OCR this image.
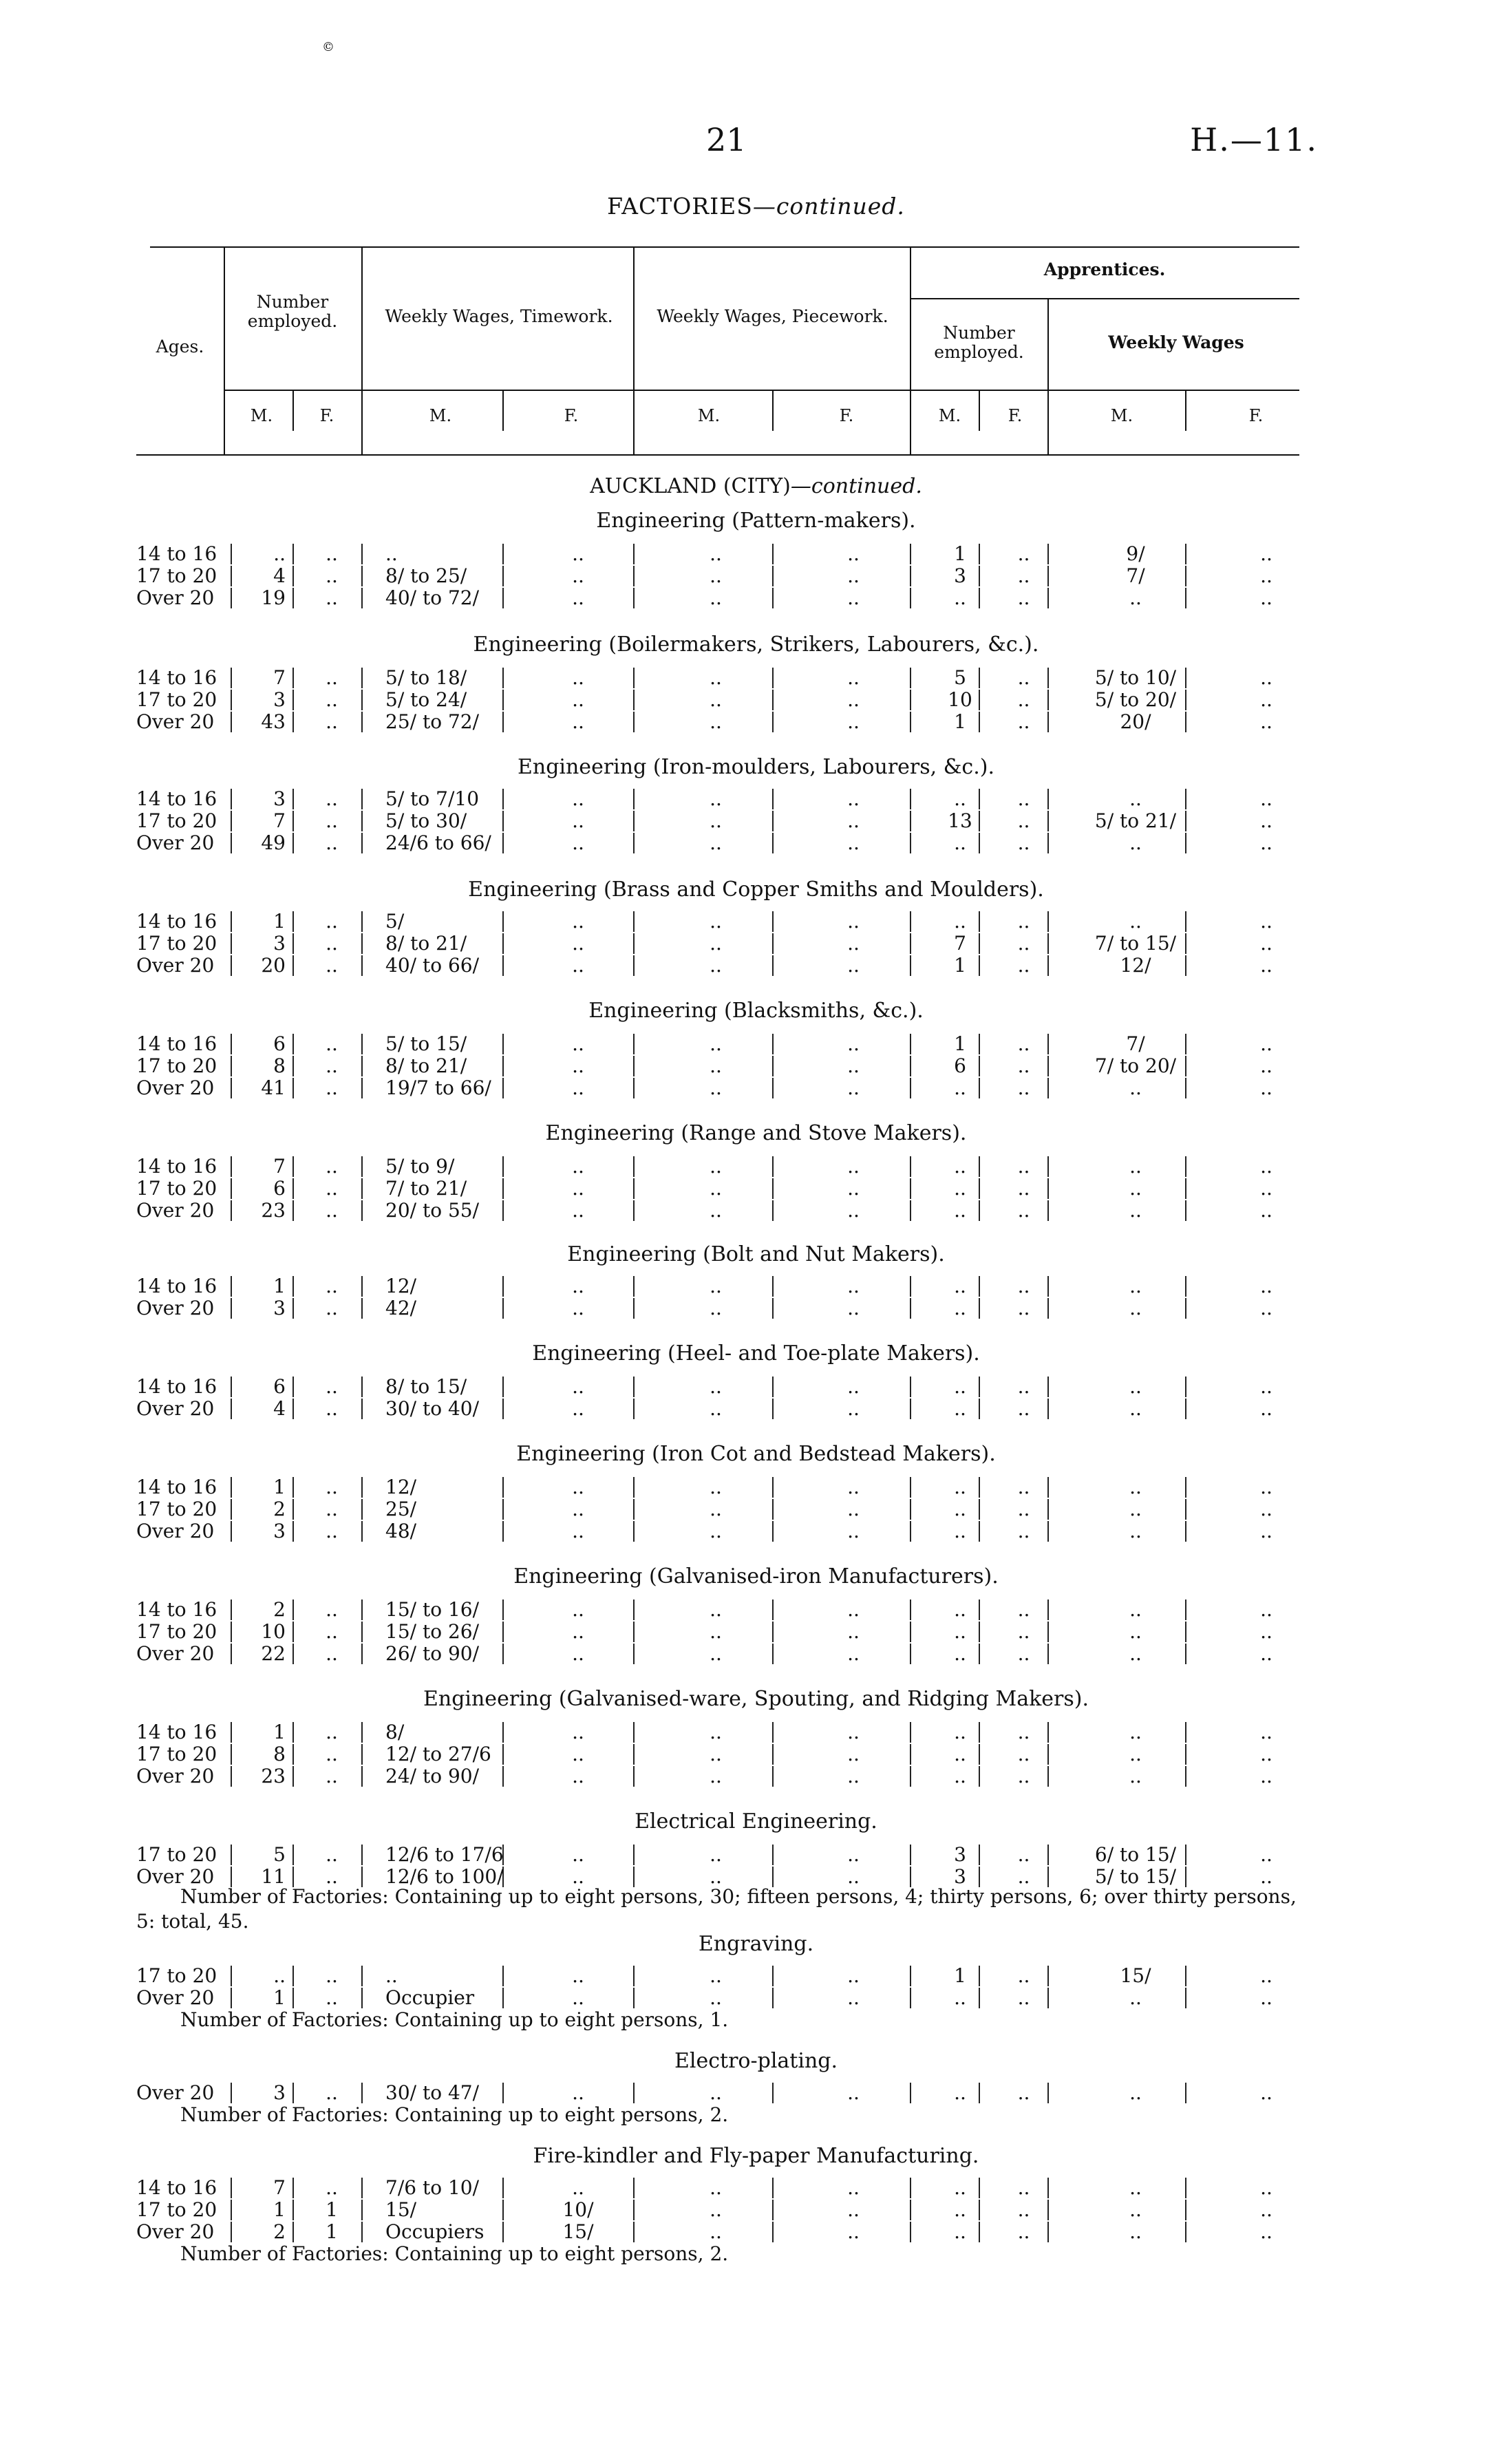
©
21	H.—11.
FACTORIES—continued.
Ages.
Number employed.	Weekly Wages, Timework.	Weekly Wages, Piecework.
Apprentices.
Number employed.	Weekly Wages
M.	F.	M.	F.	M.	F.	M.	F.	M.	F.
AUCKLAND (CITY)—continued.
Engineering (Pattern-makers).
14 to 16	..	..	..	..	..	..	1	..	9/	..
17 to 20	4	..	8/ to 25/	..	..	..	3	..	7/	..
Over 20	19	..	40/ to 72/	..	..	..	..	..	..	..
Engineering (Boilermakers, Strikers, Labourers, &c.).
14 to 16	7	..	5/ to 18/	..	..	..	5	..	5/ to 10/	..
17 to 20	3	..	5/ to 24/	..	..	..	10	..	5/ to 20/	..
Over 20	43	..	25/ to 72/	..	..	..	1	..	20/	..
Engineering (Iron-moulders, Labourers, &c.).
14 to 16	3	..	5/ to 7/10	..	..	..	..	..	..	..
17 to 20	7	..	5/ to 30/	..	..	..	13	..	5/ to 21/	..
Over 20	49	..	24/6 to 66/	..	..	..	..	..	..	..
Engineering (Brass and Copper Smiths and Moulders).
14 to 16	1	..	5/	..	..	..	..	..	..	..
17 to 20	3	..	8/ to 21/	..	..	..	7	..	7/ to 15/	..
Over 20	20	..	40/ to 66/	..	..	..	1	..	12/	..
Engineering (Blacksmiths, &c.).
14 to 16	6	..	5/ to 15/	..	..	..	1	..	7/	..
17 to 20	8	..	8/ to 21/	..	..	..	6	..	7/ to 20/	..
Over 20	41	..	19/7 to 66/	..	..	..	..	..	..	..
Engineering (Range and Stove Makers).
14 to 16	7	..	5/ to 9/	..	..	..	..	..	..	..
17 to 20	6	..	7/ to 21/	..	..	..	..	..	..	..
Over 20	23	..	20/ to 55/	..	..	..	..	..	..	..
Engineering (Bolt and Nut Makers).
14 to 16	1	..	12/	..	..	..	..	..	..	..
Over 20	3	..	42/	..	..	..	..	..	..	..
Engineering (Heel- and Toe-plate Makers).
14 to 16	6	..	8/ to 15/	..	..	..	..	..	..	..
Over 20	4	..	30/ to 40/	..	..	..	..	..	..	..
Engineering (Iron Cot and Bedstead Makers).
14 to 16	1	..	12/	..	..	..	..	..	..	..
17 to 20	2	..	25/	..	..	..	..	..	..	..
Over 20	3	..	48/	..	..	..	..	..	..	..
Engineering (Galvanised-iron Manufacturers).
14 to 16	2	..	15/ to 16/	..	..	..	..	..	..	..
17 to 20	10	..	15/ to 26/	..	..	..	..	..	..	..
Over 20	22	..	26/ to 90/	..	..	..	..	..	..	..
Engineering (Galvanised-ware, Spouting, and Ridging Makers).
14 to 16	1	..	8/	..	..	..	..	..	..	..
17 to 20	8	..	12/ to 27/6	..	..	..	..	..	..	..
Over 20	23	..	24/ to 90/	..	..	..	..	..	..	..
Electrical Engineering.
17 to 20	5	..	12/6 to 17/6	..	..	..	3	..	6/ to 15/	..
Over 20	11	..	12/6 to 100/	..	..	..	3	..	5/ to 15/	..
Number of Factories: Containing up to eight persons, 30; fifteen persons, 4; thirty persons, 6; over thirty persons, 5: total, 45.
Engraving.
17 to 20	..	..	..	..	..	..	1	..	15/	..
Over 20	1	..	Occupier	..	..	..	..	..	..	..
Number of Factories: Containing up to eight persons, 1.
Electro-plating.
Over 20	3	..	30/ to 47/	..	..	..	..	..	..	..
Number of Factories: Containing up to eight persons, 2.
Fire-kindler and Fly-paper Manufacturing.
14 to 16	7	..	7/6 to 10/	..	..	..	..	..	..	..
17 to 20	1	1	15/	10/	..	..	..	..	..	..
Over 20	2	1	Occupiers	15/	..	..	..	..	..	..
Number of Factories: Containing up to eight persons, 2.
